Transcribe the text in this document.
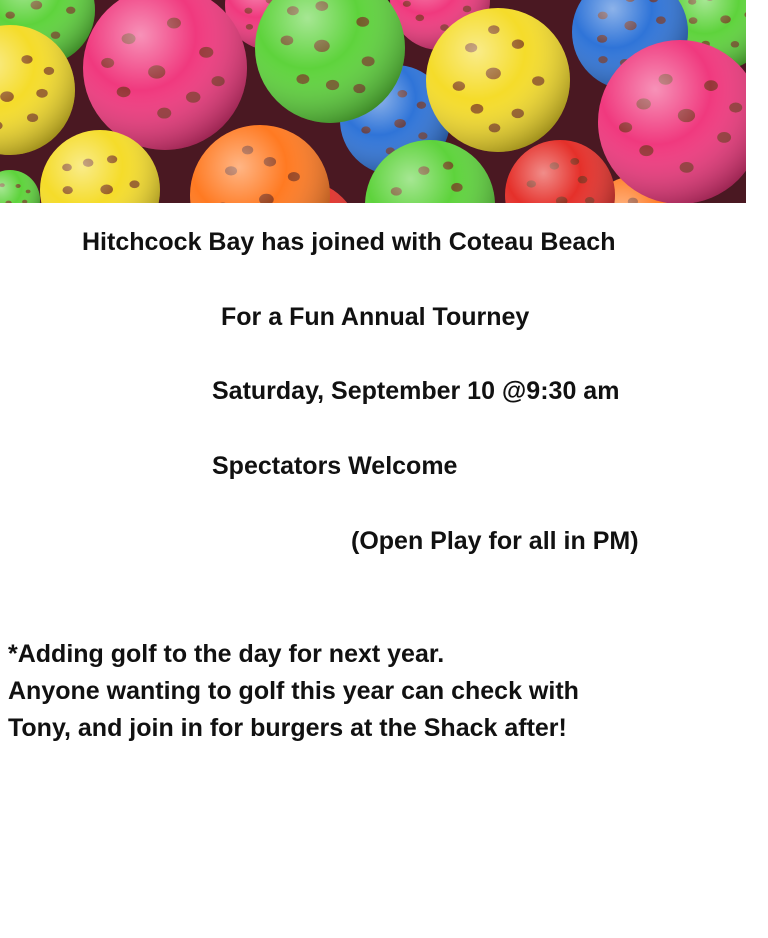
Hitchcock Bay has joined with Coteau Beach
For a Fun Annual Tourney
Saturday, September 10 @9:30 am
Spectators Welcome
(Open Play for all in PM)
*Adding golf to the day for next year.
Anyone wanting to golf this year can check with
Tony, and join in for burgers at the Shack after!
